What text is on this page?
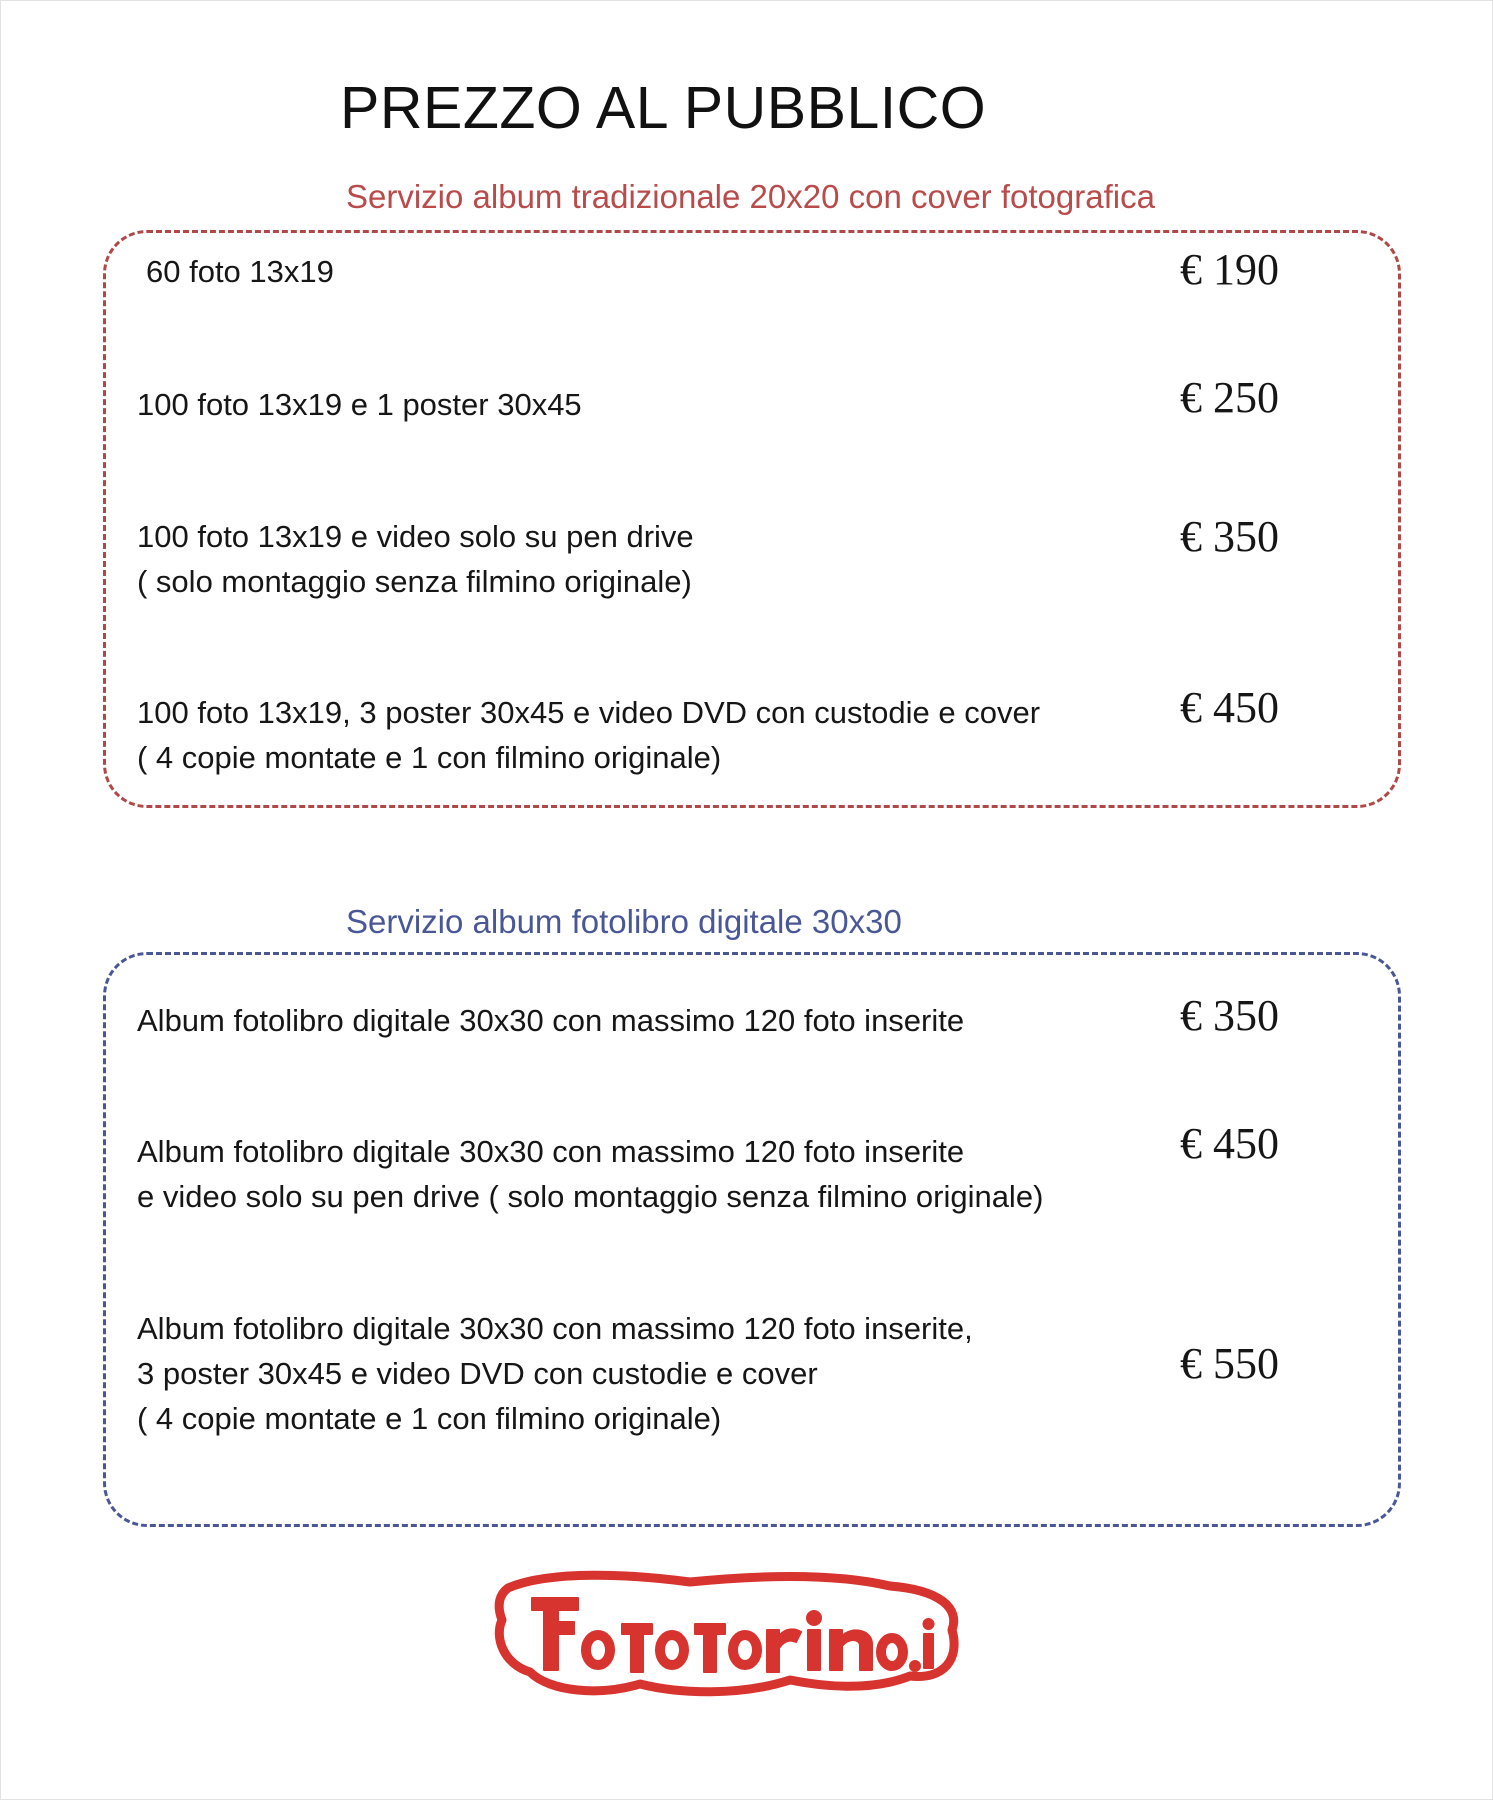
PREZZO AL PUBBLICO
Servizio album tradizionale 20x20 con cover fotografica
60 foto 13x19	€ 190
100 foto 13x19 e 1 poster 30x45	€ 250
100 foto 13x19 e video solo su pen drive
( solo montaggio senza filmino originale)
€ 350
100 foto 13x19, 3 poster 30x45 e video DVD con custodie e cover
( 4 copie montate e 1 con filmino originale)
€ 450
Servizio album fotolibro digitale 30x30
Album fotolibro digitale 30x30 con massimo 120 foto inserite	€ 350
Album fotolibro digitale 30x30 con massimo 120 foto inserite
e video solo su pen drive ( solo montaggio senza filmino originale)
€ 450
Album fotolibro digitale 30x30 con massimo 120 foto inserite,
3 poster 30x45 e video DVD con custodie e cover
( 4 copie montate e 1 con filmino originale)
€ 550
